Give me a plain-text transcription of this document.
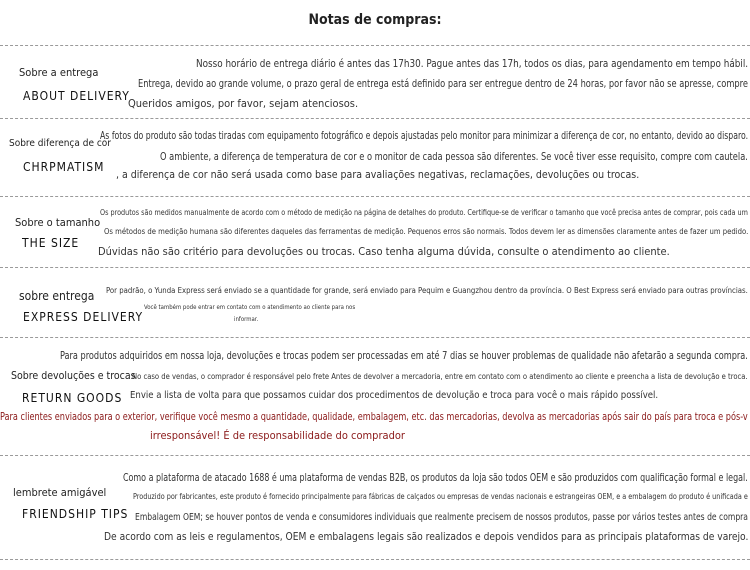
Notas de compras:
Sobre a entrega
ABOUT DELIVERY
Nosso horário de entrega diário é antes das 17h30. Pague antes das 17h, todos os dias, para agendamento em tempo hábil.
Entrega, devido ao grande volume, o prazo geral de entrega está definido para ser entregue dentro de 24 horas, por favor não se apresse, compre
Queridos amigos, por favor, sejam atenciosos.
Sobre diferença de cor
CHRPMATISM
As fotos do produto são todas tiradas com equipamento fotográfico e depois ajustadas pelo monitor para minimizar a diferença de cor, no entanto, devido ao disparo.
O ambiente, a diferença de temperatura de cor e o monitor de cada pessoa são diferentes. Se você tiver esse requisito, compre com cautela.
, a diferença de cor não será usada como base para avaliações negativas, reclamações, devoluções ou trocas.
Sobre o tamanho
THE SIZE
Os produtos são medidos manualmente de acordo com o método de medição na página de detalhes do produto. Certifique-se de verificar o tamanho que você precisa antes de comprar, pois cada um
Os métodos de medição humana são diferentes daqueles das ferramentas de medição. Pequenos erros são normais. Todos devem ler as dimensões claramente antes de fazer um pedido.
Dúvidas não são critério para devoluções ou trocas. Caso tenha alguma dúvida, consulte o atendimento ao cliente.
sobre entrega
EXPRESS DELIVERY
Por padrão, o Yunda Express será enviado se a quantidade for grande, será enviado para Pequim e Guangzhou dentro da província. O Best Express será enviado para outras províncias.
Você também pode entrar em contato com o atendimento ao cliente para nos
informar.
Sobre devoluções e trocas
RETURN GOODS
Para produtos adquiridos em nossa loja, devoluções e trocas podem ser processadas em até 7 dias se houver problemas de qualidade não afetarão a segunda compra.
No caso de vendas, o comprador é responsável pelo frete Antes de devolver a mercadoria, entre em contato com o atendimento ao cliente e preencha a lista de devolução e troca.
Envie a lista de volta para que possamos cuidar dos procedimentos de devolução e troca para você o mais rápido possível.
Para clientes enviados para o exterior, verifique você mesmo a quantidade, qualidade, embalagem, etc. das mercadorias, devolva as mercadorias após sair do país para troca e pós-v
irresponsável! É de responsabilidade do comprador
lembrete amigável
FRIENDSHIP TIPS
Como a plataforma de atacado 1688 é uma plataforma de vendas B2B, os produtos da loja são todos OEM e são produzidos com qualificação formal e legal.
Produzido por fabricantes, este produto é fornecido principalmente para fábricas de calçados ou empresas de vendas nacionais e estrangeiras OEM, e a embalagem do produto é unificada e
Embalagem OEM; se houver pontos de venda e consumidores individuais que realmente precisem de nossos produtos, passe por vários testes antes de compra
De acordo com as leis e regulamentos, OEM e embalagens legais são realizados e depois vendidos para as principais plataformas de varejo.
